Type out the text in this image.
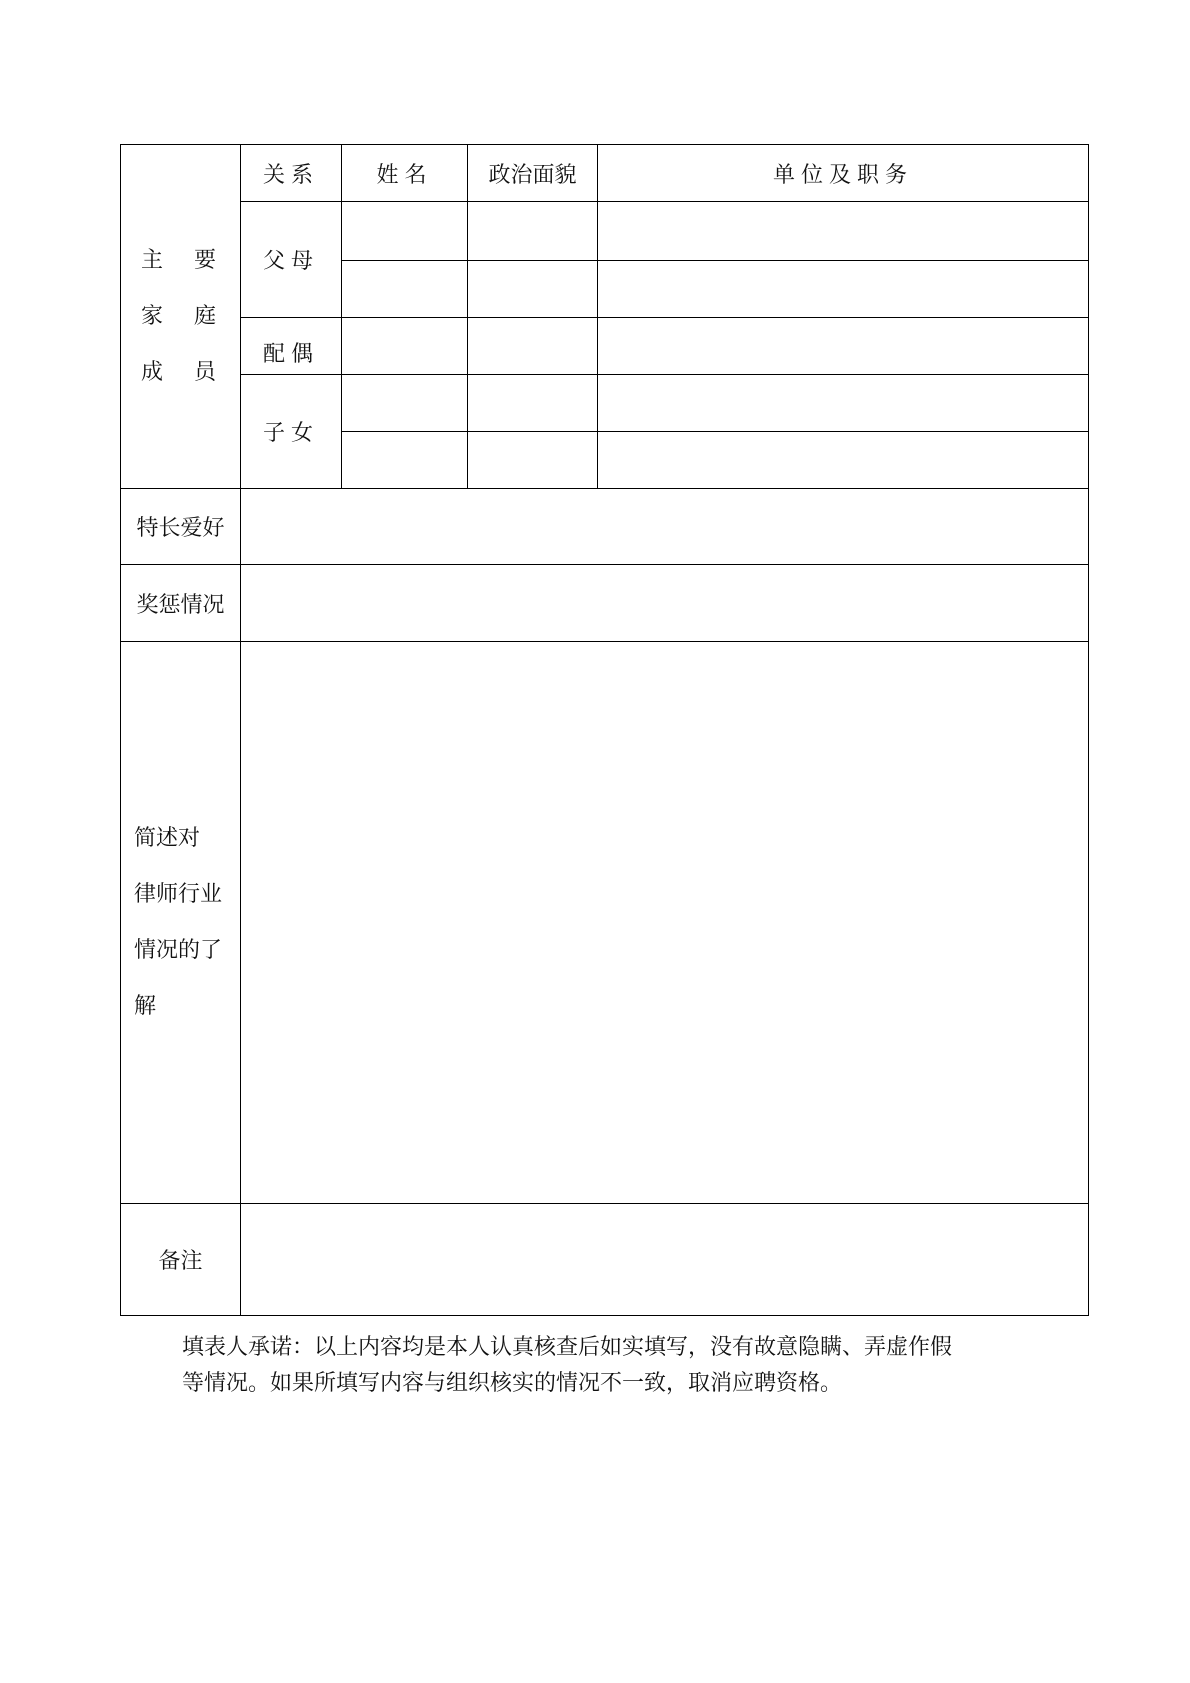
主 要
家 庭
成 员	关系	姓名	政治面貌	单位及职务
	父母			

	配偶			
	子女			

特长爱好				
奖惩情况				

简述对
律师行业
情况的了
解				

备注				

填表人承诺：以上内容均是本人认真核查后如实填写，没有故意隐瞒、弄虚作假

等情况。如果所填写内容与组织核实的情况不一致，取消应聘资格。
